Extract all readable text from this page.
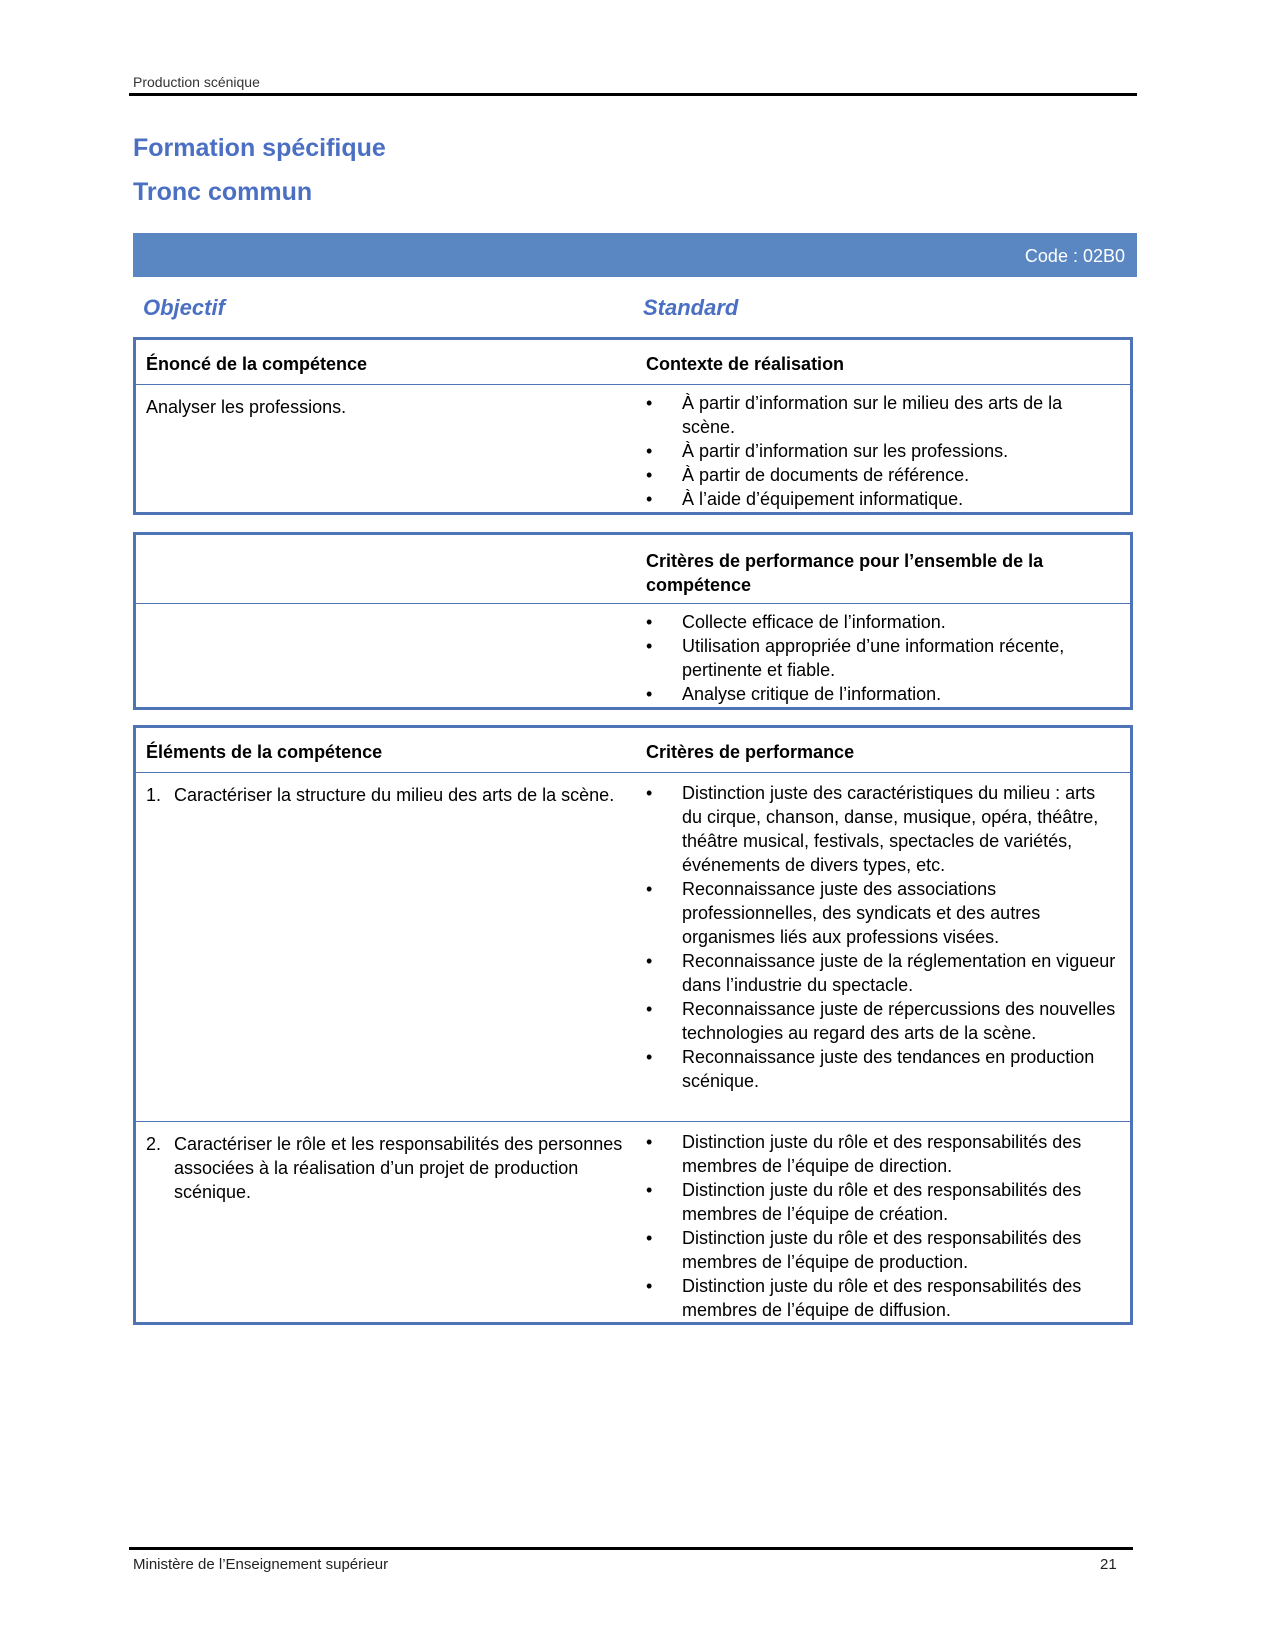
Production scénique
Formation spécifique
Tronc commun
Code : 02B0
Objectif	Standard
Énoncé de la compétence	Contexte de réalisation
Analyser les professions.	• À partir d’information sur le milieu des arts de la scène.
• À partir d’information sur les professions.
• À partir de documents de référence.
• À l’aide d’équipement informatique.
Critères de performance pour l’ensemble de la compétence
• Collecte efficace de l’information.
• Utilisation appropriée d’une information récente, pertinente et fiable.
• Analyse critique de l’information.
Éléments de la compétence	Critères de performance
1. Caractériser la structure du milieu des arts de la scène.	• Distinction juste des caractéristiques du milieu : arts du cirque, chanson, danse, musique, opéra, théâtre, théâtre musical, festivals, spectacles de variétés, événements de divers types, etc.
• Reconnaissance juste des associations professionnelles, des syndicats et des autres organismes liés aux professions visées.
• Reconnaissance juste de la réglementation en vigueur dans l’industrie du spectacle.
• Reconnaissance juste de répercussions des nouvelles technologies au regard des arts de la scène.
• Reconnaissance juste des tendances en production scénique.
2. Caractériser le rôle et les responsabilités des personnes associées à la réalisation d’un projet de production scénique.
• Distinction juste du rôle et des responsabilités des membres de l’équipe de direction.
• Distinction juste du rôle et des responsabilités des membres de l’équipe de création.
• Distinction juste du rôle et des responsabilités des membres de l’équipe de production.
• Distinction juste du rôle et des responsabilités des membres de l’équipe de diffusion.
Ministère de l’Enseignement supérieur	21
